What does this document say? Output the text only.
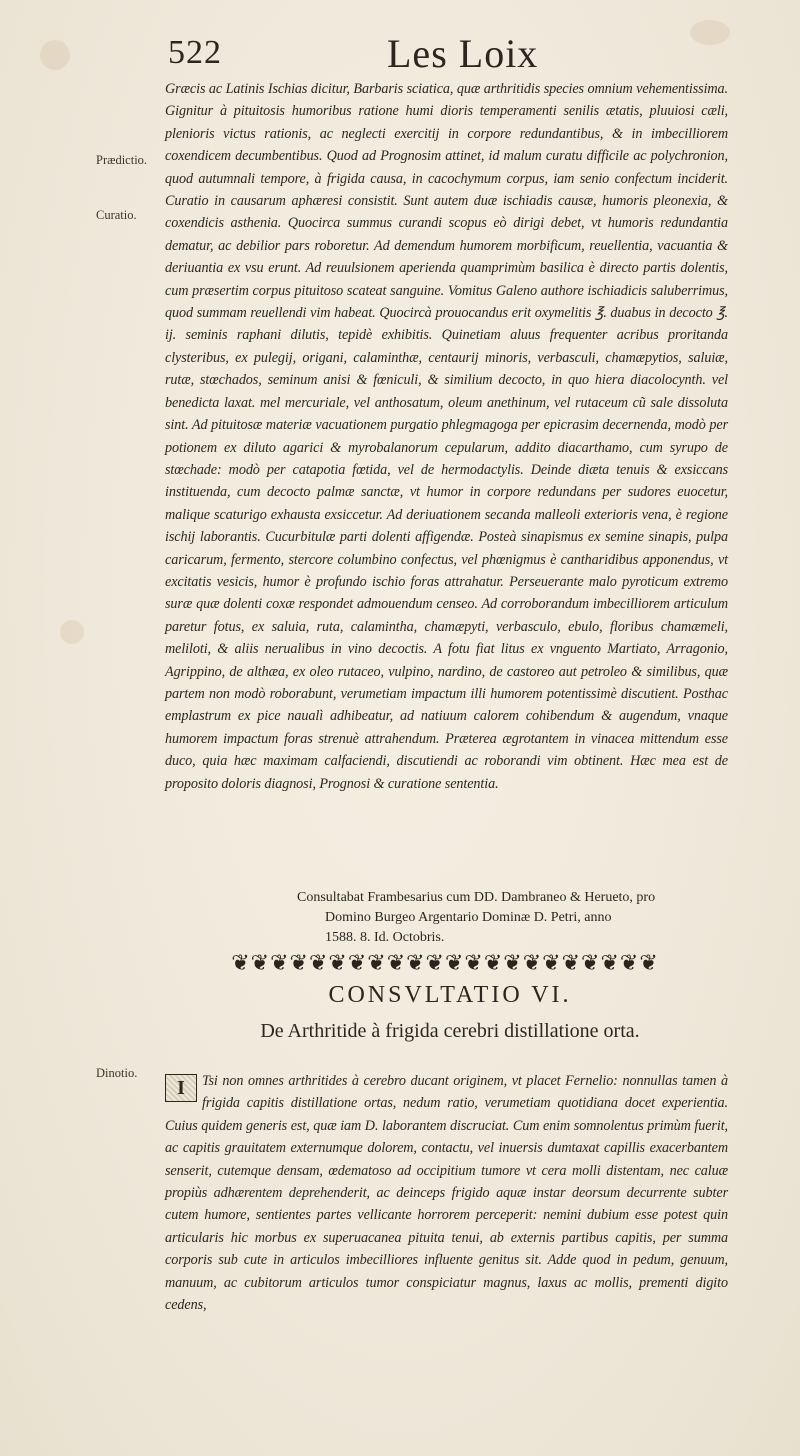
522	Les Loix
Prædictio.
Curatio.
Dinotio.
Græcis ac Latinis Ischias dicitur, Barbaris sciatica, quæ arthritidis species omnium vehementissima. Gignitur à pituitosis humoribus ratione humi dioris temperamenti senilis ætatis, pluuiosi cæli, plenioris victus rationis, ac neglecti exercitij in corpore redundantibus, & in imbecilliorem coxendicem decumbentibus. Quod ad Prognosim attinet, id malum curatu difficile ac polychronion, quod autumnali tempore, à frigida causa, in cacochymum corpus, iam senio confectum inciderit. Curatio in causarum aphæresi consistit. Sunt autem duæ ischiadis causæ, humoris pleonexia, & coxendicis asthenia. Quocirca summus curandi scopus eò dirigi debet, vt humoris redundantia dematur, ac debilior pars roboretur. Ad demendum humorem morbificum, reuellentia, vacuantia & deriuantia ex vsu erunt. Ad reuulsionem aperienda quamprimùm basilica è directo partis dolentis, cum præsertim corpus pituitoso scateat sanguine. Vomitus Galeno authore ischiadicis saluberrimus, quod summam reuellendi vim habeat. Quocircà prouocandus erit oxymelitis ℥. duabus in decocto ℥. ij. seminis raphani dilutis, tepidè exhibitis. Quinetiam aluus frequenter acribus proritanda clysteribus, ex pulegij, origani, calaminthæ, centaurij minoris, verbasculi, chamæpytios, saluiæ, rutæ, stœchados, seminum anisi & fœniculi, & similium decocto, in quo hiera diacolocynth. vel benedicta laxat. mel mercuriale, vel anthosatum, oleum anethinum, vel rutaceum cũ sale dissoluta sint. Ad pituitosæ materiæ vacuationem purgatio phlegmagoga per epicrasim decernenda, modò per potionem ex diluto agarici & myrobalanorum cepularum, addito diacarthamo, cum syrupo de stœchade: modò per catapotia fœtida, vel de hermodactylis. Deinde diæta tenuis & exsiccans instituenda, cum decocto palmæ sanctæ, vt humor in corpore redundans per sudores euocetur, malique scaturigo exhausta exsiccetur. Ad deriuationem secanda malleoli exterioris vena, è regione ischij laborantis. Cucurbitulæ parti dolenti affigendæ. Posteà sinapismus ex semine sinapis, pulpa caricarum, fermento, stercore columbino confectus, vel phœnigmus è cantharidibus apponendus, vt excitatis vesicis, humor è profundo ischio foras attrahatur. Perseuerante malo pyroticum extremo suræ quæ dolenti coxæ respondet admouendum censeo. Ad corroborandum imbecilliorem articulum paretur fotus, ex saluia, ruta, calamintha, chamæpyti, verbasculo, ebulo, floribus chamæmeli, meliloti, & aliis nerualibus in vino decoctis. A fotu fiat litus ex vnguento Martiato, Arragonio, Agrippino, de althæa, ex oleo rutaceo, vulpino, nardino, de castoreo aut petroleo & similibus, quæ partem non modò roborabunt, verumetiam impactum illi humorem potentissimè discutient. Posthac emplastrum ex pice naualì adhibeatur, ad natiuum calorem cohibendum & augendum, vnaque humorem impactum foras strenuè attrahendum. Præterea ægrotantem in vinacea mittendum esse duco, quia hæc maximam calfaciendi, discutiendi ac roborandi vim obtinent. Hæc mea est de proposito doloris diagnosi, Prognosi & curatione sententia.
Consultabat Frambesarius cum DD. Dambraneo & Herueto, pro
Domino Burgeo Argentario Dominæ D. Petri, anno
1588. 8. Id. Octobris.
❦❦❦❦❦❦❦❦❦❦❦❦❦❦❦❦❦❦❦❦❦❦
CONSVLTATIO VI.
De Arthritide à frigida cerebri distillatione orta.
I	Tsi non omnes arthritides à cerebro ducant originem, vt placet Fernelio: nonnullas tamen à frigida capitis distillatione ortas, nedum ratio, verumetiam quotidiana docet experientia. Cuius quidem generis est, quæ iam D. laborantem discruciat. Cum enim somnolentus primùm fuerit, ac capitis grauitatem externumque dolorem, contactu, vel inuersis dumtaxat capillis exacerbantem senserit, cutemque densam, œdematoso ad occipitium tumore vt cera molli distentam, nec caluæ propiùs adhærentem deprehenderit, ac deinceps frigido aquæ instar deorsum decurrente subter cutem humore, sentientes partes vellicante horrorem perceperit: nemini dubium esse potest quin articularis hic morbus ex superuacanea pituita tenui, ab externis partibus capitis, per summa corporis sub cute in articulos imbecilliores influente genitus sit. Adde quod in pedum, genuum, manuum, ac cubitorum articulos tumor conspiciatur magnus, laxus ac mollis, prementi digito cedens,
